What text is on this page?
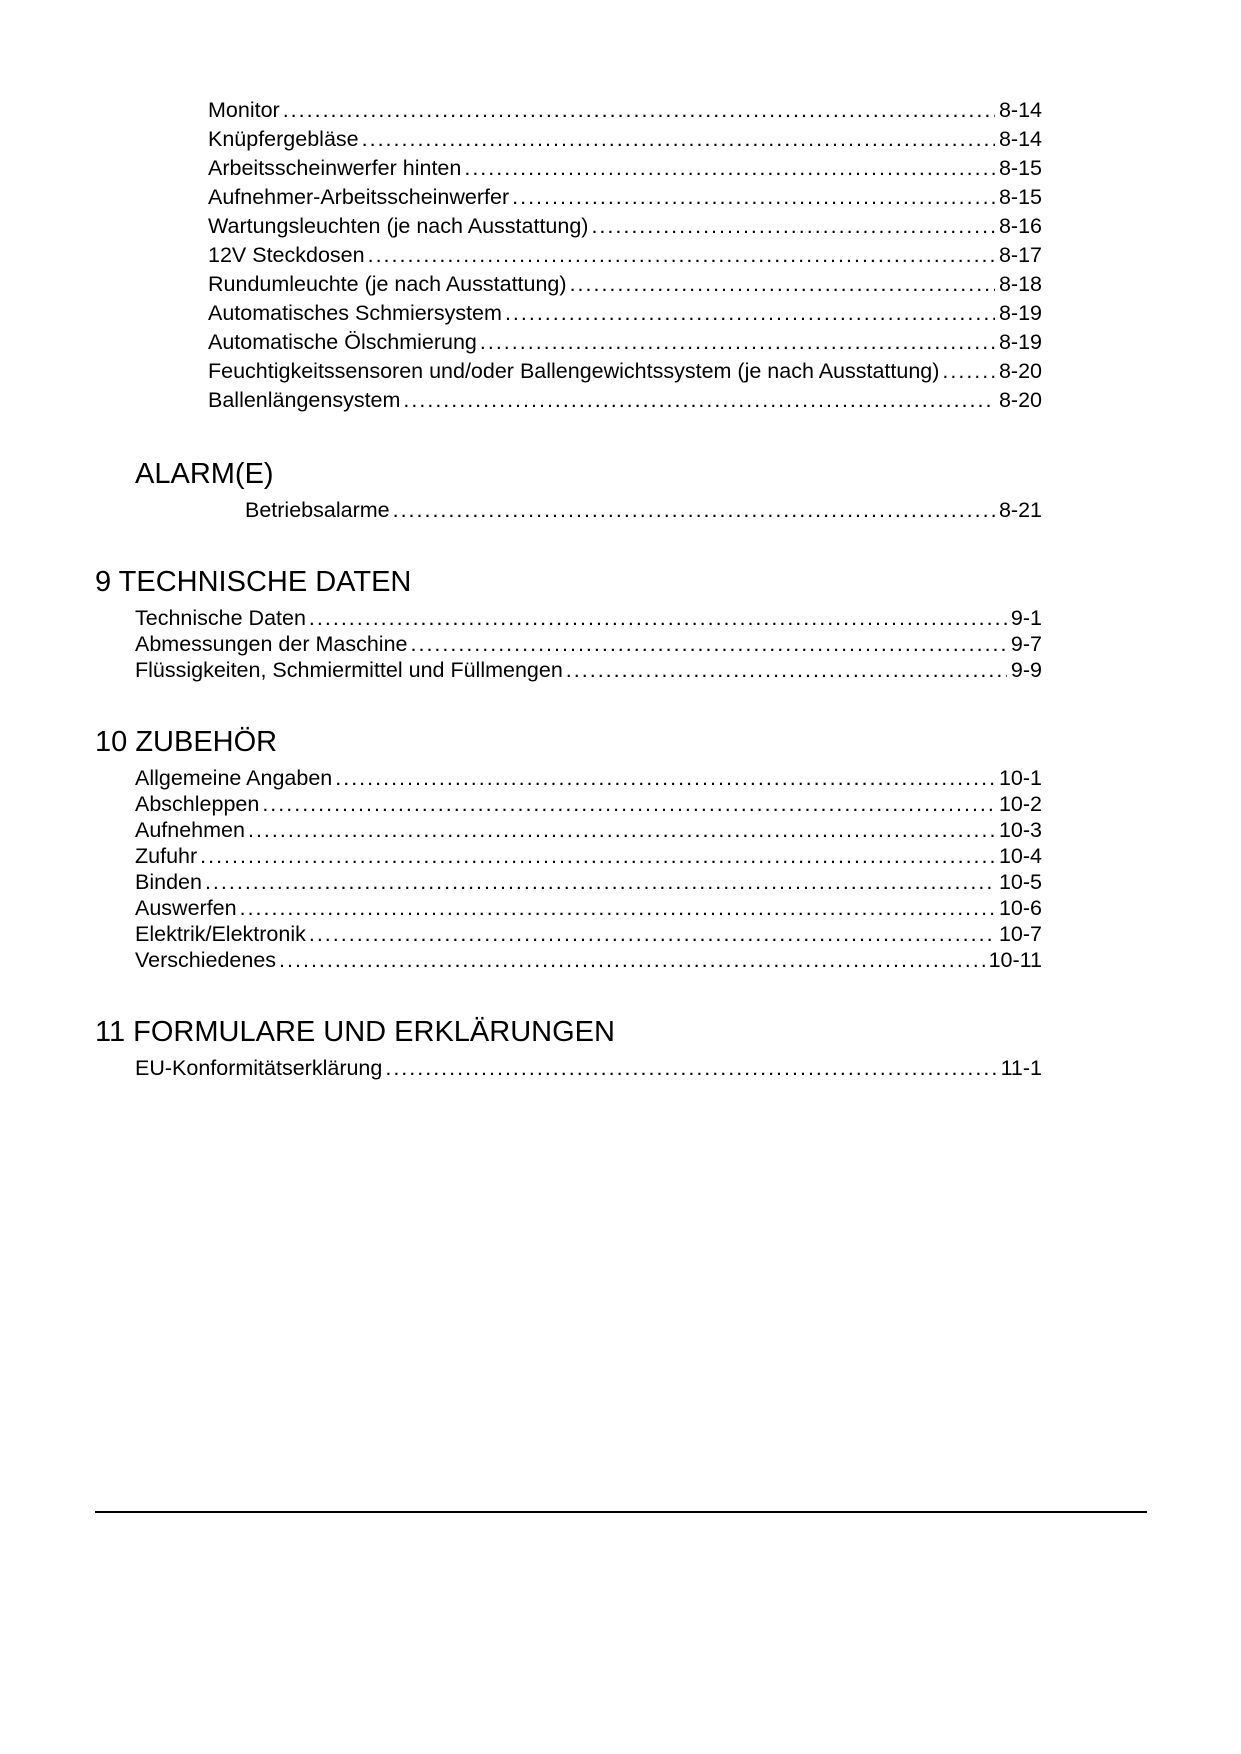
Monitor .....	8-14
Knüpfergebläse .....	8-14
Arbeitsscheinwerfer hinten .....	8-15
Aufnehmer-Arbeitsscheinwerfer .....	8-15
Wartungsleuchten (je nach Ausstattung) .....	8-16
12V Steckdosen .....	8-17
Rundumleuchte (je nach Ausstattung) .....	8-18
Automatisches Schmiersystem .....	8-19
Automatische Ölschmierung .....	8-19
Feuchtigkeitssensoren und/oder Ballengewichtssystem (je nach Ausstattung) .....	8-20
Ballenlängensystem .....	8-20
ALARM(E)
Betriebsalarme .....	8-21
9 TECHNISCHE DATEN
Technische Daten .....	9-1
Abmessungen der Maschine .....	9-7
Flüssigkeiten, Schmiermittel und Füllmengen .....	9-9
10 ZUBEHÖR
Allgemeine Angaben .....	10-1
Abschleppen .....	10-2
Aufnehmen .....	10-3
Zufuhr .....	10-4
Binden .....	10-5
Auswerfen .....	10-6
Elektrik/Elektronik .....	10-7
Verschiedenes .....	10-11
11 FORMULARE UND ERKLÄRUNGEN
EU-Konformitätserklärung .....	11-1
